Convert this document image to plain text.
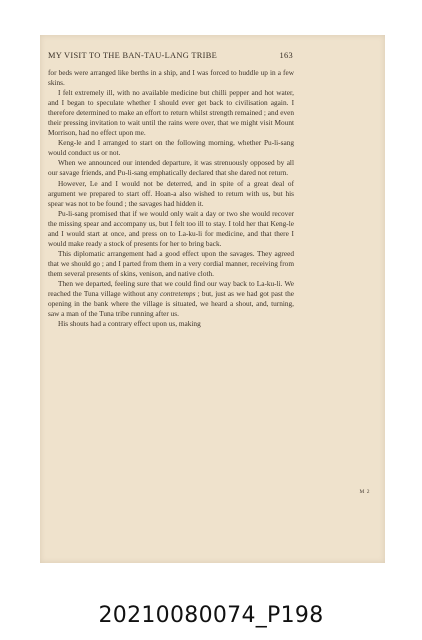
MY VISIT TO THE BAN-TAU-LANG TRIBE	163

for beds were arranged like berths in a ship, and I was forced to huddle up in a few skins.

I felt extremely ill, with no available medicine but chilli pepper and hot water, and I began to speculate whether I should ever get back to civilisation again. I therefore determined to make an effort to return whilst strength remained ; and even their pressing invitation to wait until the rains were over, that we might visit Mount Morrison, had no effect upon me.

Keng-le and I arranged to start on the following morning, whether Pu-li-sang would conduct us or not.

When we announced our intended departure, it was strenuously opposed by all our savage friends, and Pu-li-sang emphatically declared that she dared not return.

However, Le and I would not be deterred, and in spite of a great deal of argument we prepared to start off. Hoan-a also wished to return with us, but his spear was not to be found ; the savages had hidden it.

Pu-li-sang promised that if we would only wait a day or two she would recover the missing spear and accompany us, but I felt too ill to stay. I told her that Keng-le and I would start at once, and press on to La-ku-li for medicine, and that there I would make ready a stock of presents for her to bring back.

This diplomatic arrangement had a good effect upon the savages. They agreed that we should go ; and I parted from them in a very cordial manner, receiving from them several presents of skins, venison, and native cloth.

Then we departed, feeling sure that we could find our way back to La-ku-li. We reached the Tuna village without any contretemps ; but, just as we had got past the opening in the bank where the village is situated, we heard a shout, and, turning, saw a man of the Tuna tribe running after us.

His shouts had a contrary effect upon us, making

M 2
20210080074_P198
